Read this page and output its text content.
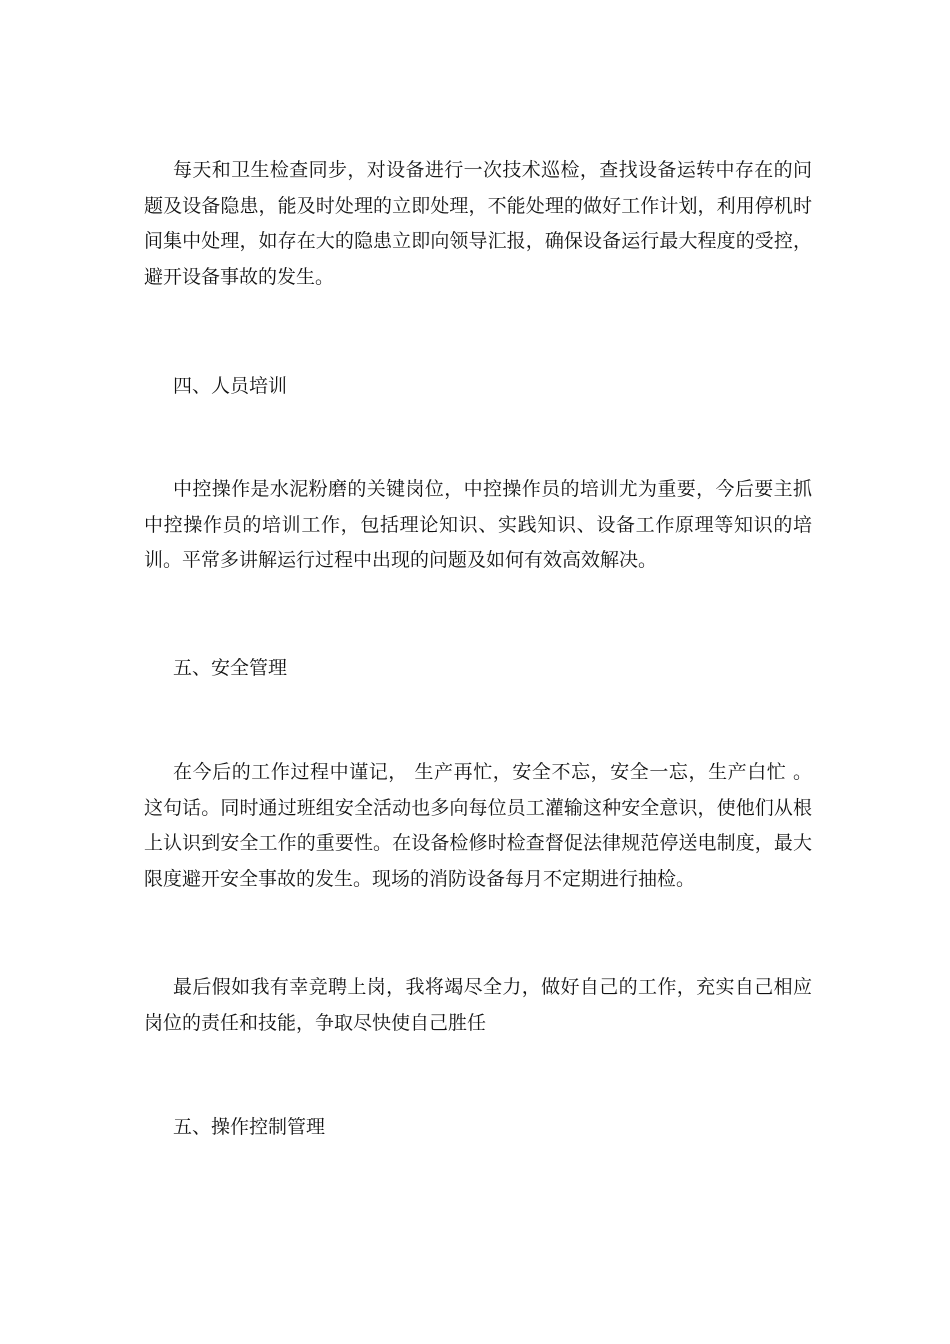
每天和卫生检查同步，对设备进行一次技术巡检，查找设备运转中存在的问题及设备隐患，能及时处理的立即处理，不能处理的做好工作计划，利用停机时间集中处理，如存在大的隐患立即向领导汇报，确保设备运行最大程度的受控，避开设备事故的发生。
四、人员培训
中控操作是水泥粉磨的关键岗位，中控操作员的培训尤为重要，今后要主抓中控操作员的培训工作，包括理论知识、实践知识、设备工作原理等知识的培训。平常多讲解运行过程中出现的问题及如何有效高效解决。
五、安全管理
在今后的工作过程中谨记， 生产再忙，安全不忘，安全一忘，生产白忙 。这句话。同时通过班组安全活动也多向每位员工灌输这种安全意识，使他们从根上认识到安全工作的重要性。在设备检修时检查督促法律规范停送电制度，最大限度避开安全事故的发生。现场的消防设备每月不定期进行抽检。
最后假如我有幸竞聘上岗，我将竭尽全力，做好自己的工作，充实自己相应岗位的责任和技能，争取尽快使自己胜任
五、操作控制管理
